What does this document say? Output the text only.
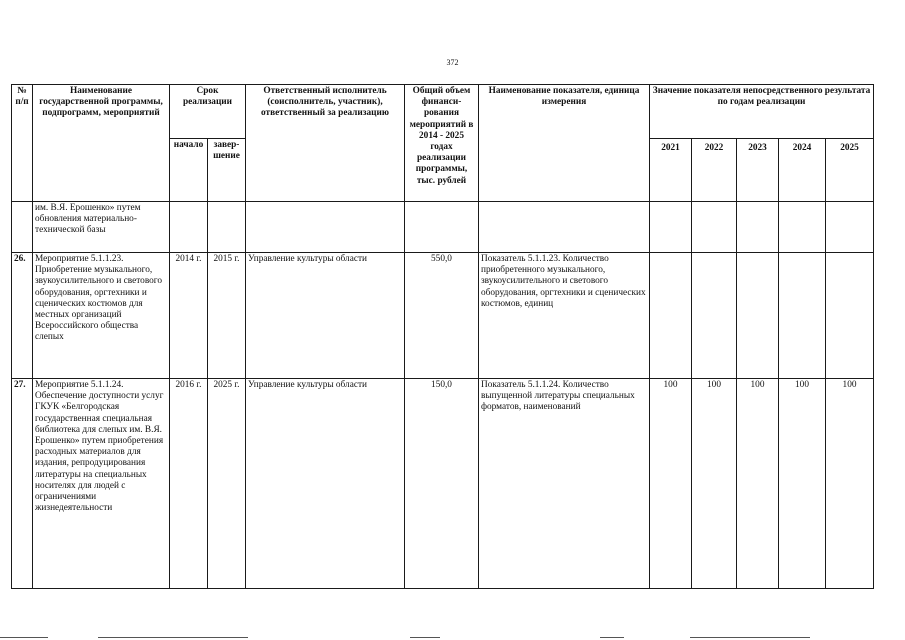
372
№ п/п	Наименование государственной программы, подпрограмм, мероприятий	Срок реализации		Ответственный исполнитель (соисполнитель, участник), ответственный за реализацию	Общий объем финанси-рования мероприятий в 2014 - 2025 годах реализации программы, тыс. рублей	Наименование показателя, единица измерения	Значение показателя непосредственного результата по годам реализации				
		начало	завер-шение				2021	2022	2023	2024	2025
	им. В.Я. Ерошенко» путем обновления материально-технической базы										
26.	Мероприятие 5.1.1.23. Приобретение музыкального, звукоусилительного и светового оборудования, оргтехники и сценических костюмов для местных организаций Всероссийского общества слепых	2014 г.	2015 г.	Управление культуры области	550,0	Показатель 5.1.1.23. Количество приобретенного музыкального, звукоусилительного и светового оборудования, оргтехники и сценических костюмов, единиц					
27.	Мероприятие 5.1.1.24. Обеспечение доступности услуг ГКУК «Белгородская государственная специальная библиотека для слепых им. В.Я. Ерошенко» путем приобретения расходных материалов для издания, репродуцирования литературы на специальных носителях для людей с ограничениями жизнедеятельности	2016 г.	2025 г.	Управление культуры области	150,0	Показатель 5.1.1.24. Количество выпущенной литературы специальных форматов, наименований	100	100	100	100	100
